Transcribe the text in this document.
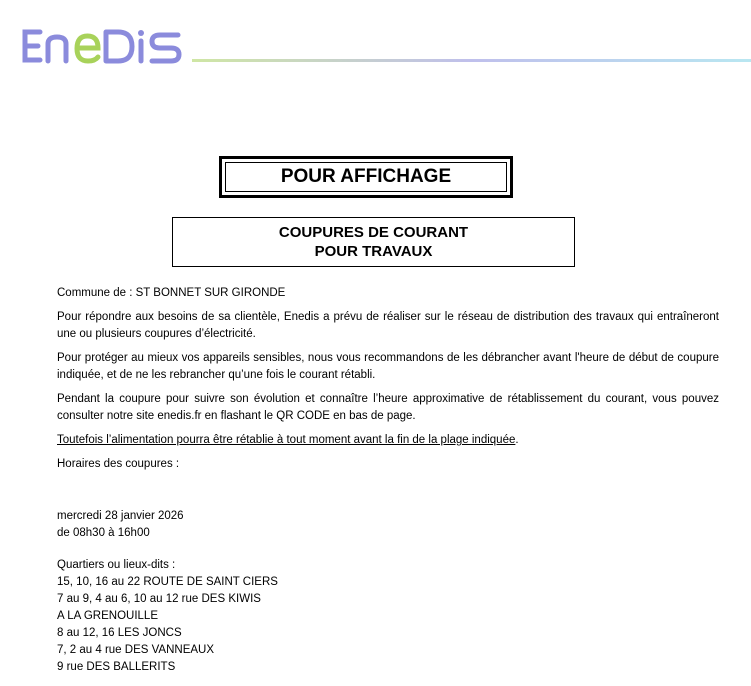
POUR AFFICHAGE
COUPURES DE COURANT
POUR TRAVAUX

Commune de : ST BONNET SUR GIRONDE

Pour répondre aux besoins de sa clientèle, Enedis a prévu de réaliser sur le réseau de distribution des travaux qui entraîneront une ou plusieurs coupures d’électricité.

Pour protéger au mieux vos appareils sensibles, nous vous recommandons de les débrancher avant l'heure de début de coupure indiquée, et de ne les rebrancher qu’une fois le courant rétabli.

Pendant la coupure pour suivre son évolution et connaître l’heure approximative de rétablissement du courant, vous pouvez consulter notre site enedis.fr en flashant le QR CODE en bas de page.

Toutefois l’alimentation pourra être rétablie à tout moment avant la fin de la plage indiquée.

Horaires des coupures :

mercredi 28 janvier 2026

de 08h30 à 16h00

Quartiers ou lieux-dits :

15, 10, 16 au 22 ROUTE DE SAINT CIERS

7 au 9, 4 au 6, 10 au 12 rue DES KIWIS

A LA GRENOUILLE

8 au 12, 16 LES JONCS

7, 2 au 4 rue DES VANNEAUX

9 rue DES BALLERITS
